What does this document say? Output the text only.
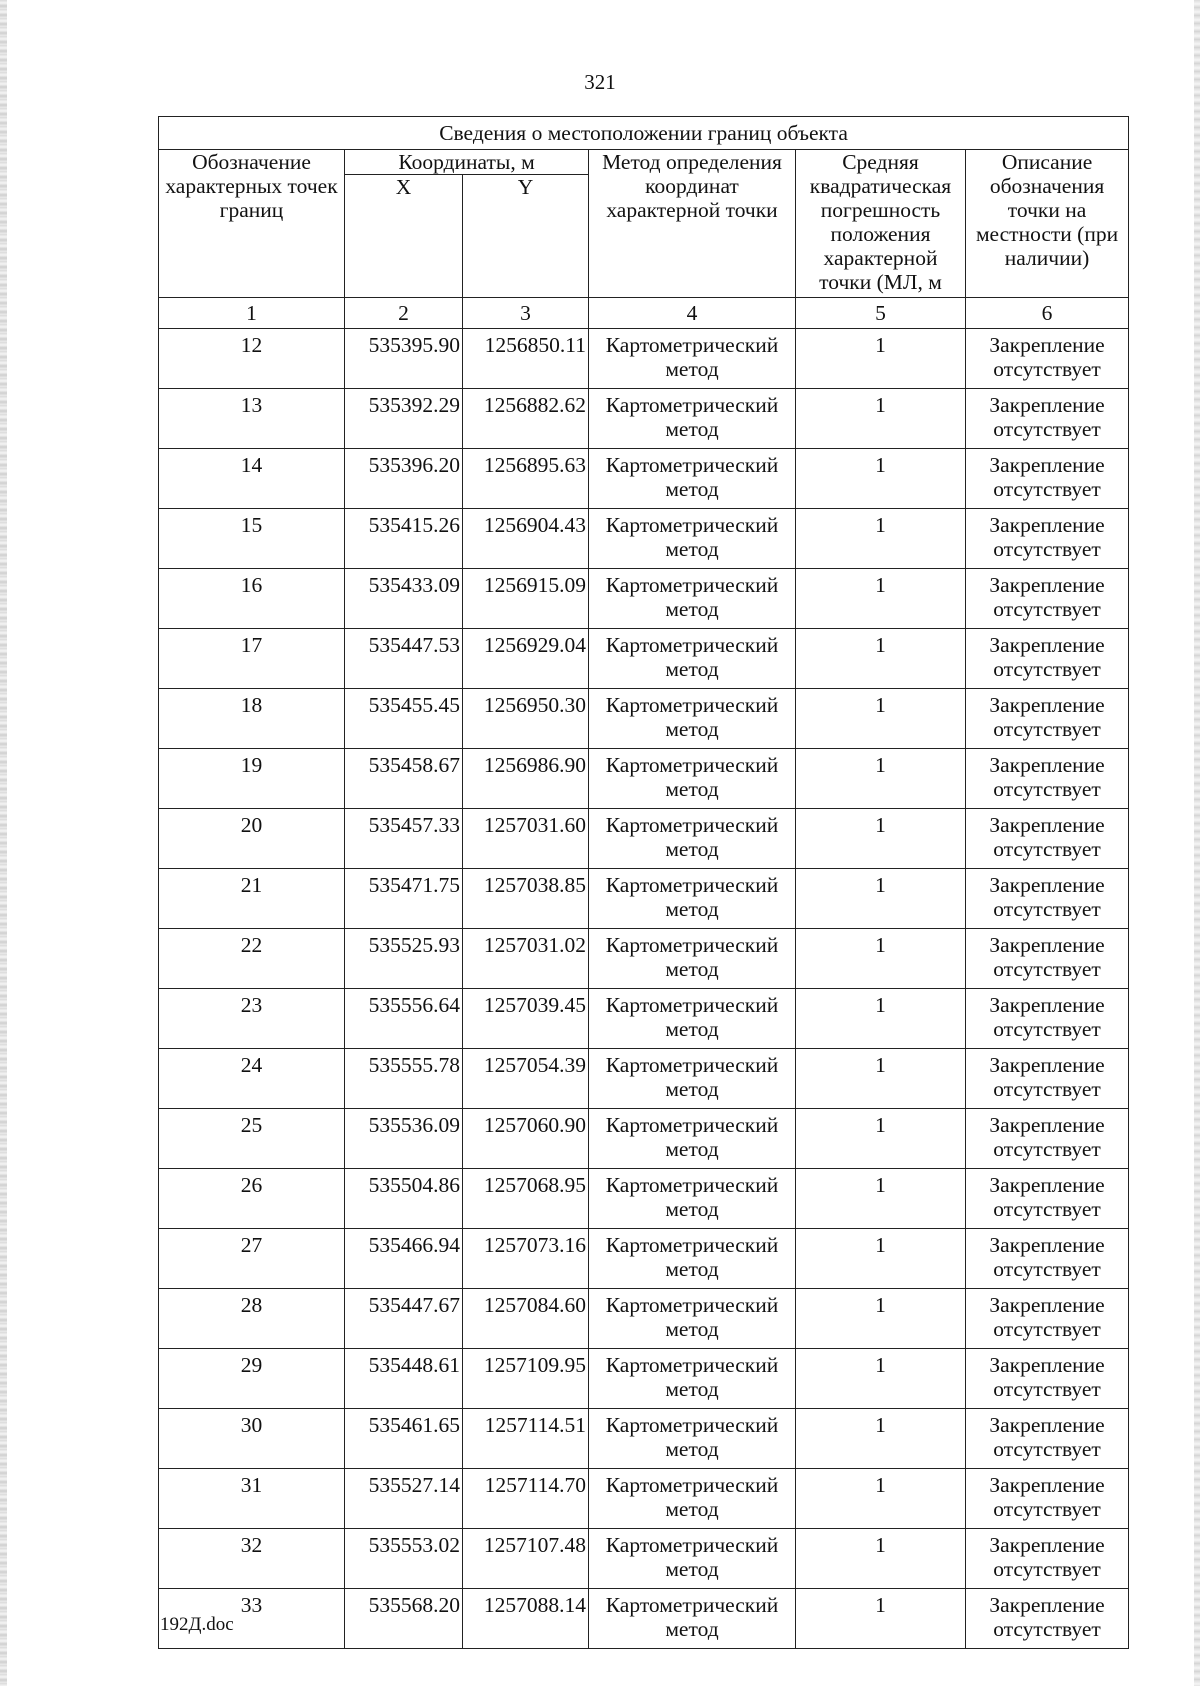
321
Сведения о местоположении границ объекта					
Обозначение характерных точек границ	Координаты, м		Метод определения координат характерной точки	Средняя квадратическая погрешность положения характерной точки (МЛ, м	Описание обозначения точки на местности (при наличии)
	X	Y			
1	2	3	4	5	6
12	535395.90	1256850.11	Картометрический метод	1	Закрепление отсутствует

13	535392.29	1256882.62	Картометрический метод	1	Закрепление отсутствует

14	535396.20	1256895.63	Картометрический метод	1	Закрепление отсутствует

15	535415.26	1256904.43	Картометрический метод	1	Закрепление отсутствует

16	535433.09	1256915.09	Картометрический метод	1	Закрепление отсутствует

17	535447.53	1256929.04	Картометрический метод	1	Закрепление отсутствует

18	535455.45	1256950.30	Картометрический метод	1	Закрепление отсутствует

19	535458.67	1256986.90	Картометрический метод	1	Закрепление отсутствует

20	535457.33	1257031.60	Картометрический метод	1	Закрепление отсутствует

21	535471.75	1257038.85	Картометрический метод	1	Закрепление отсутствует

22	535525.93	1257031.02	Картометрический метод	1	Закрепление отсутствует

23	535556.64	1257039.45	Картометрический метод	1	Закрепление отсутствует

24	535555.78	1257054.39	Картометрический метод	1	Закрепление отсутствует

25	535536.09	1257060.90	Картометрический метод	1	Закрепление отсутствует

26	535504.86	1257068.95	Картометрический метод	1	Закрепление отсутствует

27	535466.94	1257073.16	Картометрический метод	1	Закрепление отсутствует

28	535447.67	1257084.60	Картометрический метод	1	Закрепление отсутствует

29	535448.61	1257109.95	Картометрический метод	1	Закрепление отсутствует

30	535461.65	1257114.51	Картометрический метод	1	Закрепление отсутствует

31	535527.14	1257114.70	Картометрический метод	1	Закрепление отсутствует

32	535553.02	1257107.48	Картометрический метод	1	Закрепление отсутствует

33	535568.20	1257088.14	Картометрический метод	1	Закрепление отсутствует
192Д.doc
